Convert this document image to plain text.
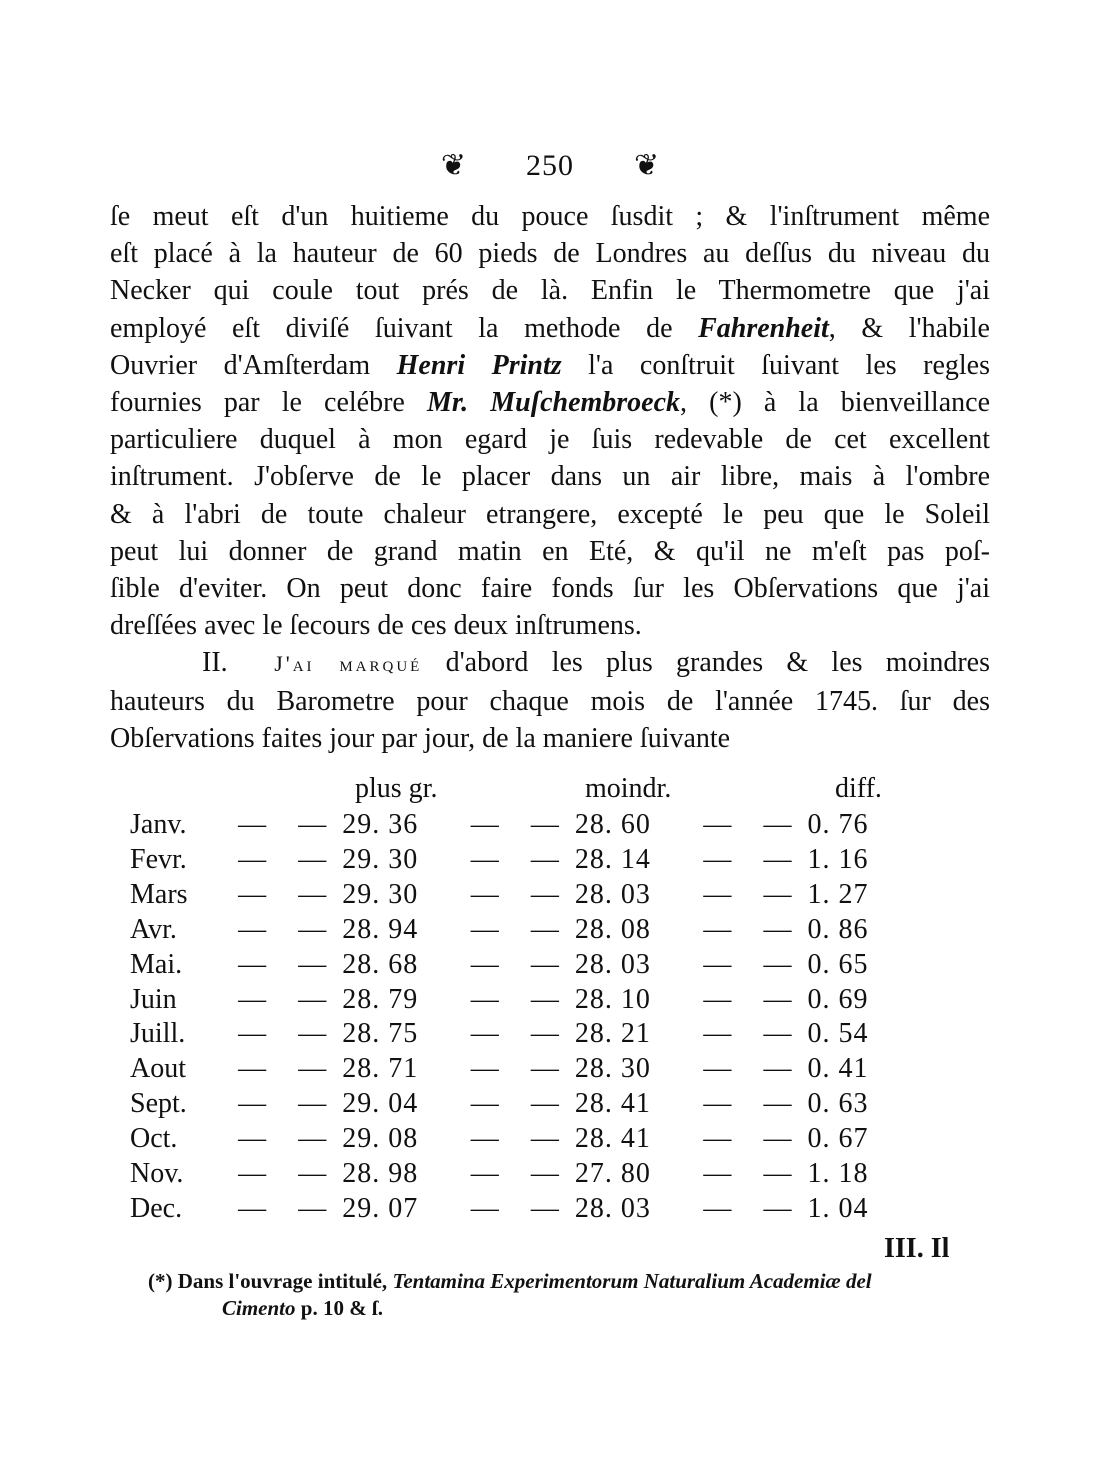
❦ 250 ❦
ſe meut eſt d'un huitieme du pouce ſusdit ; & l'inſtrument même
eſt placé à la hauteur de 60 pieds de Londres au deſſus du niveau du
Necker qui coule tout prés de là. Enfin le Thermometre que j'ai
employé eſt diviſé ſuivant la methode de Fahrenheit, & l'habile
Ouvrier d'Amſterdam Henri Printz l'a conſtruit ſuivant les regles
fournies par le celébre Mr. Muſchembroeck, (*) à la bienveillance
particuliere duquel à mon egard je ſuis redevable de cet excellent
inſtrument. J'obſerve de le placer dans un air libre, mais à l'ombre
& à l'abri de toute chaleur etrangere, excepté le peu que le Soleil
peut lui donner de grand matin en Eté, & qu'il ne m'eſt pas poſ-
ſible d'eviter. On peut donc faire fonds ſur les Obſervations que j'ai
dreſſées avec le ſecours de ces deux inſtrumens.
II. J'ai marqué d'abord les plus grandes & les moindres
hauteurs du Barometre pour chaque mois de l'année 1745. ſur des
Obſervations faites jour par jour, de la maniere ſuivante
plus gr.	moindr.	diff.
Janv.	—	— 29. 36	—	— 28. 60	—	— 0. 76
Fevr.	—	— 29. 30	—	— 28. 14	—	— 1. 16
Mars	—	— 29. 30	—	— 28. 03	—	— 1. 27
Avr.	—	— 28. 94	—	— 28. 08	—	— 0. 86
Mai.	—	— 28. 68	—	— 28. 03	—	— 0. 65
Juin	—	— 28. 79	—	— 28. 10	—	— 0. 69
Juill.	—	— 28. 75	—	— 28. 21	—	— 0. 54
Aout	—	— 28. 71	—	— 28. 30	—	— 0. 41
Sept.	—	— 29. 04	—	— 28. 41	—	— 0. 63
Oct.	—	— 29. 08	—	— 28. 41	—	— 0. 67
Nov.	—	— 28. 98	—	— 27. 80	—	— 1. 18
Dec.	—	— 29. 07	—	— 28. 03	—	— 1. 04
III. Il
(*) Dans l'ouvrage intitulé, Tentamina Experimentorum Naturalium Academiæ del
Cimento p. 10 & ſ.
